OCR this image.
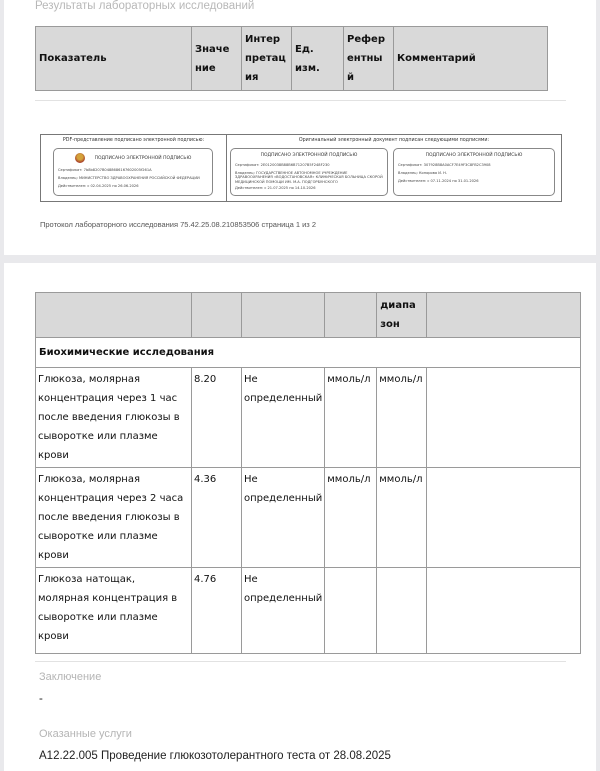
Результаты лабораторных исследований
Показатель	Значе ние	Интер претац ия	Ед. изм.	Рефер ентны й	Комментарий
PDF-представление подписано электронной подписью:
ПОДПИСАНО ЭЛЕКТРОННОЙ ПОДПИСЬЮ
Сертификат: 7b8b8207B0488686167602005f261A
Владелец: МИНИСТЕРСТВО ЗДРАВООХРАНЕНИЯ РОССИЙСКОЙ ФЕДЕРАЦИИ
Действителен: с 02.04.2025 по 26.06.2026
Оригинальный электронный документ подписан следующими подписями:
ПОДПИСАНО ЭЛЕКТРОННОЙ ПОДПИСЬЮ
Сертификат: 2E0120038B88B6B71207B5F248F230
Владелец: ГОСУДАРСТВЕННОЕ АВТОНОМНОЕ УЧРЕЖДЕНИЕ ЗДРАВООХРАНЕНИЯ «ВОДОСТАНОВСКАЯ» КЛИНИЧЕСКАЯ БОЛЬНИЦА СКОРОЙ МЕДИЦИНСКОЙ ПОМОЩИ ИМ. М.А. ПОДГОРБУНСКОГО
Действителен: с 21.07.2025 по 14.10.2026
ПОДПИСАНО ЭЛЕКТРОННОЙ ПОДПИСЬЮ
Сертификат: 307928B8A0ACF7E49F3C8FB2C3908
Владелец: Копорова И. Н.
Действителен: с 07.11.2024 по 31.01.2026
Протокол лабораторного исследования 75.42.25.08.210853506 страница 1 из 2
				диапа зон	
Биохимические исследования					
Глюкоза, молярная концентрация через 1 час после введения глюкозы в сыворотке или плазме крови	8.20	Не определенный	ммоль/л	ммоль/л	
Глюкоза, молярная концентрация через 2 часа после введения глюкозы в сыворотке или плазме крови	4.36	Не определенный	ммоль/л	ммоль/л	
Глюкоза натощак, молярная концентрация в сыворотке или плазме крови	4.76	Не определенный			
Заключение
-
Оказанные услуги
A12.22.005 Проведение глюкозотолерантного теста от 28.08.2025
